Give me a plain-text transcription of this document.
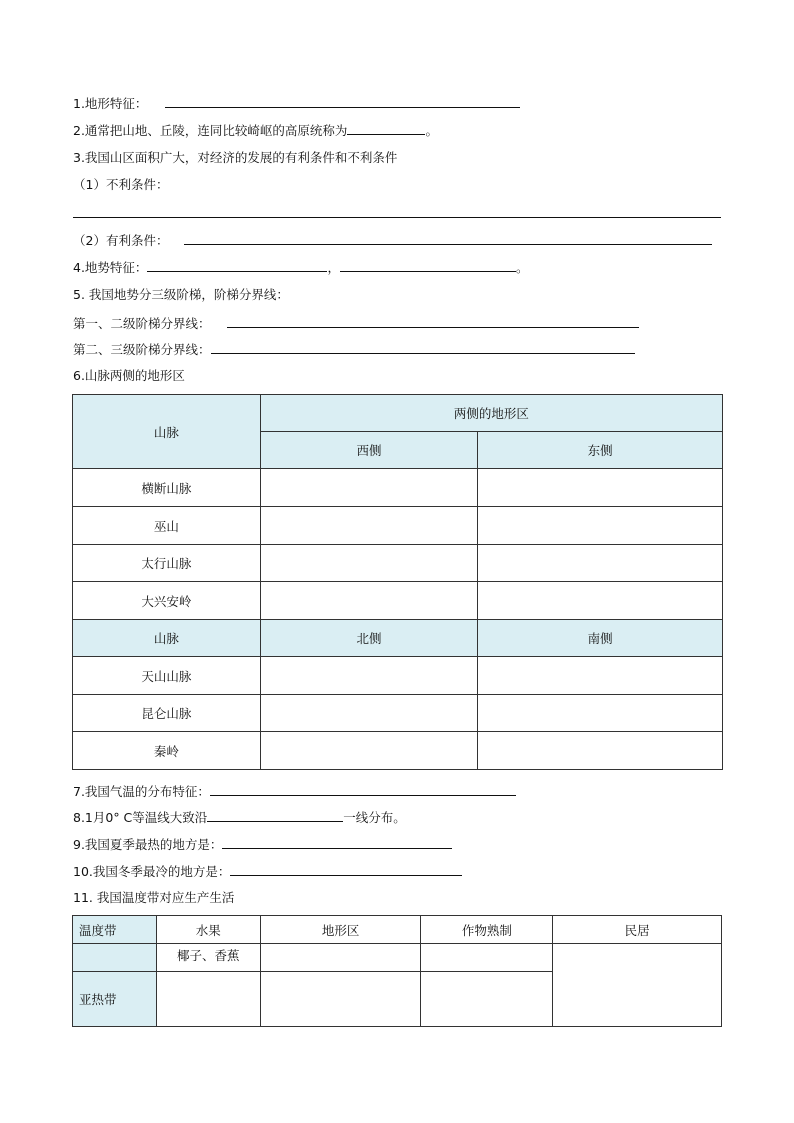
1.地形特征：
2.通常把山地、丘陵，连同比较崎岖的高原统称为	。
3.我国山区面积广大，对经济的发展的有利条件和不利条件
（1）不利条件：
（2）有利条件：
4.地势特征：	，	。
5. 我国地势分三级阶梯，阶梯分界线：
第一、二级阶梯分界线：
第二、三级阶梯分界线：
6.山脉两侧的地形区
山脉	两侧的地形区	
	西侧	东侧
横断山脉		
巫山		
太行山脉		
大兴安岭		
山脉	北侧	南侧
天山山脉		
昆仑山脉		
秦岭		
7.我国气温的分布特征：
8.1月0° C等温线大致沿	一线分布。
9.我国夏季最热的地方是：
10.我国冬季最冷的地方是：
11. 我国温度带对应生产生活
温度带	水果	地形区	作物熟制	民居
	椰子、香蕉			
亚热带				
